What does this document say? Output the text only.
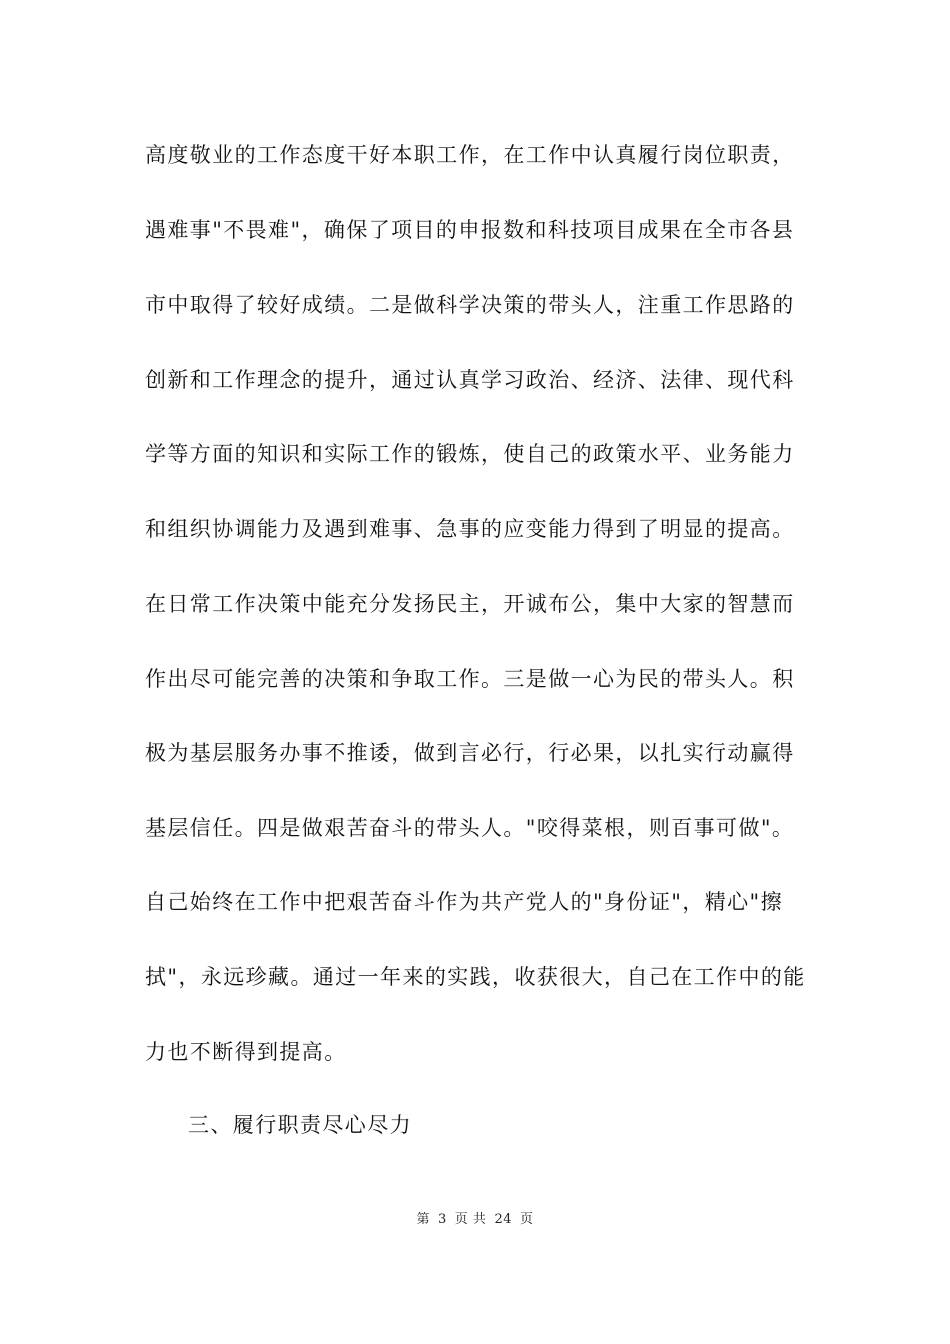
高度敬业的工作态度干好本职工作，在工作中认真履行岗位职责，
遇难事"不畏难"，确保了项目的申报数和科技项目成果在全市各县
市中取得了较好成绩。二是做科学决策的带头人，注重工作思路的
创新和工作理念的提升，通过认真学习政治、经济、法律、现代科
学等方面的知识和实际工作的锻炼，使自己的政策水平、业务能力
和组织协调能力及遇到难事、急事的应变能力得到了明显的提高。
在日常工作决策中能充分发扬民主，开诚布公，集中大家的智慧而
作出尽可能完善的决策和争取工作。三是做一心为民的带头人。积
极为基层服务办事不推诿，做到言必行，行必果，以扎实行动赢得
基层信任。四是做艰苦奋斗的带头人。"咬得菜根，则百事可做"。
自己始终在工作中把艰苦奋斗作为共产党人的"身份证"，精心"擦
拭"，永远珍藏。通过一年来的实践，收获很大，自己在工作中的能
力也不断得到提高。
三、履行职责尽心尽力
第 3 页 共 24 页
